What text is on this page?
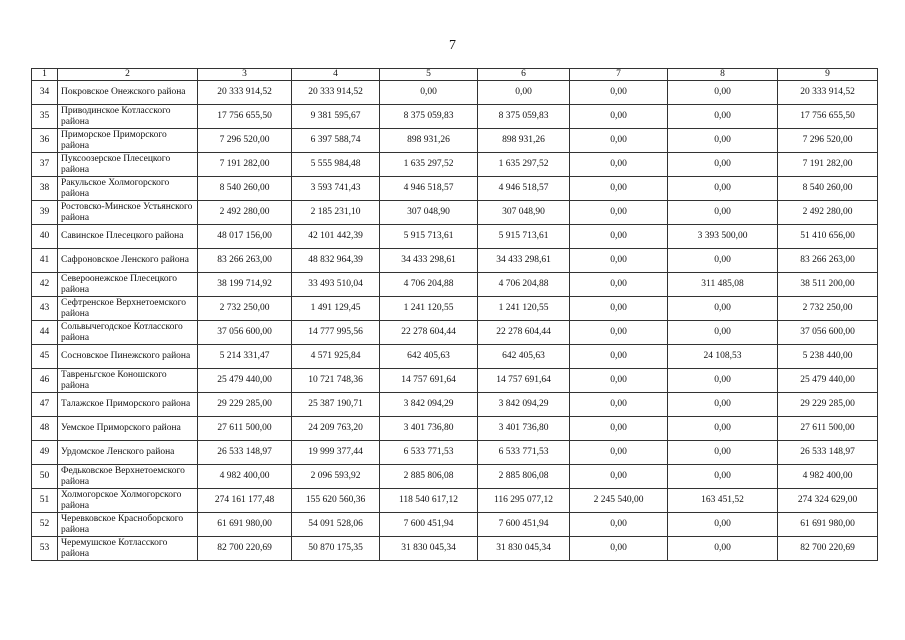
7
1	2	3	4	5	6	7	8	9
34	Покровское Онежского района	20 333 914,52	20 333 914,52	0,00	0,00	0,00	0,00	20 333 914,52
35	Приводинское Котласского района	17 756 655,50	9 381 595,67	8 375 059,83	8 375 059,83	0,00	0,00	17 756 655,50
36	Приморское Приморского района	7 296 520,00	6 397 588,74	898 931,26	898 931,26	0,00	0,00	7 296 520,00
37	Пуксоозерское Плесецкого района	7 191 282,00	5 555 984,48	1 635 297,52	1 635 297,52	0,00	0,00	7 191 282,00
38	Ракульское Холмогорского района	8 540 260,00	3 593 741,43	4 946 518,57	4 946 518,57	0,00	0,00	8 540 260,00
39	Ростовско-Минское Устьянского района	2 492 280,00	2 185 231,10	307 048,90	307 048,90	0,00	0,00	2 492 280,00
40	Савинское Плесецкого района	48 017 156,00	42 101 442,39	5 915 713,61	5 915 713,61	0,00	3 393 500,00	51 410 656,00
41	Сафроновское Ленского района	83 266 263,00	48 832 964,39	34 433 298,61	34 433 298,61	0,00	0,00	83 266 263,00
42	Североонежское Плесецкого района	38 199 714,92	33 493 510,04	4 706 204,88	4 706 204,88	0,00	311 485,08	38 511 200,00
43	Сефтренское Верхнетоемского района	2 732 250,00	1 491 129,45	1 241 120,55	1 241 120,55	0,00	0,00	2 732 250,00
44	Сольвычегодское Котласского района	37 056 600,00	14 777 995,56	22 278 604,44	22 278 604,44	0,00	0,00	37 056 600,00
45	Сосновское Пинежского района	5 214 331,47	4 571 925,84	642 405,63	642 405,63	0,00	24 108,53	5 238 440,00
46	Тавреньгское Коношского района	25 479 440,00	10 721 748,36	14 757 691,64	14 757 691,64	0,00	0,00	25 479 440,00
47	Талажское Приморского района	29 229 285,00	25 387 190,71	3 842 094,29	3 842 094,29	0,00	0,00	29 229 285,00
48	Уемское Приморского района	27 611 500,00	24 209 763,20	3 401 736,80	3 401 736,80	0,00	0,00	27 611 500,00
49	Урдомское Ленского района	26 533 148,97	19 999 377,44	6 533 771,53	6 533 771,53	0,00	0,00	26 533 148,97
50	Федьковское Верхнетоемского района	4 982 400,00	2 096 593,92	2 885 806,08	2 885 806,08	0,00	0,00	4 982 400,00
51	Холмогорское Холмогорского района	274 161 177,48	155 620 560,36	118 540 617,12	116 295 077,12	2 245 540,00	163 451,52	274 324 629,00
52	Черевковское Красноборского района	61 691 980,00	54 091 528,06	7 600 451,94	7 600 451,94	0,00	0,00	61 691 980,00
53	Черемушское Котласского района	82 700 220,69	50 870 175,35	31 830 045,34	31 830 045,34	0,00	0,00	82 700 220,69
